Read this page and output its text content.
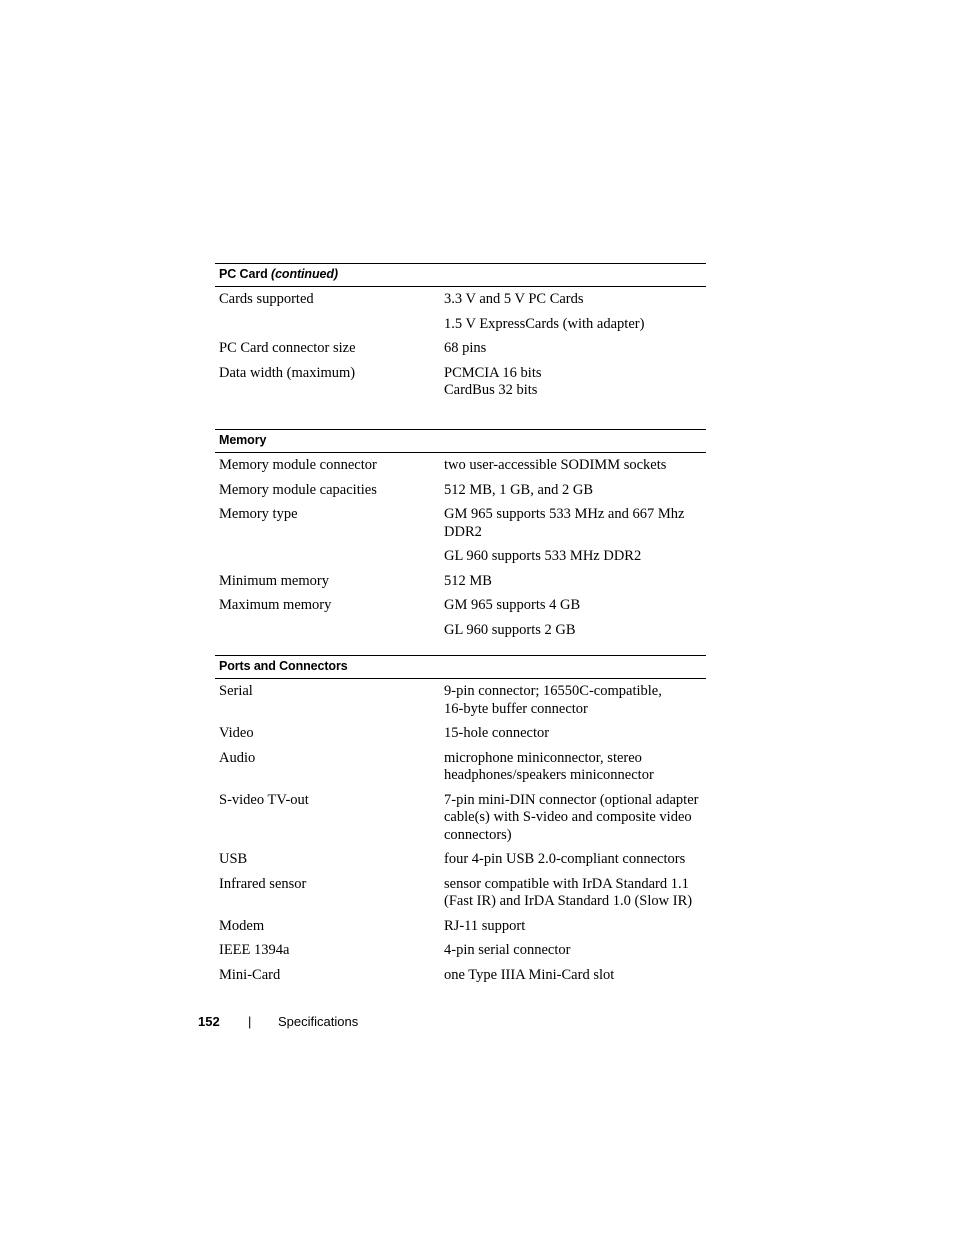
PC Card (continued)
Cards supported	3.3 V and 5 V PC Cards
1.5 V ExpressCards (with adapter)
PC Card connector size	68 pins
Data width (maximum)	PCMCIA 16 bits
CardBus 32 bits
Memory
Memory module connector	two user-accessible SODIMM sockets
Memory module capacities	512 MB, 1 GB, and 2 GB
Memory type	GM 965 supports 533 MHz and 667 Mhz
DDR2
GL 960 supports 533 MHz DDR2
Minimum memory	512 MB
Maximum memory	GM 965 supports 4 GB
GL 960 supports 2 GB
Ports and Connectors
Serial	9-pin connector; 16550C-compatible,
16-byte buffer connector
Video	15-hole connector
Audio	microphone miniconnector, stereo
headphones/speakers miniconnector
S-video TV-out	7-pin mini-DIN connector (optional adapter
cable(s) with S-video and composite video
connectors)
USB	four 4-pin USB 2.0-compliant connectors
Infrared sensor	sensor compatible with IrDA Standard 1.1
(Fast IR) and IrDA Standard 1.0 (Slow IR)
Modem	RJ-11 support
IEEE 1394a	4-pin serial connector
Mini-Card	one Type IIIA Mini-Card slot
152 | Specifications
